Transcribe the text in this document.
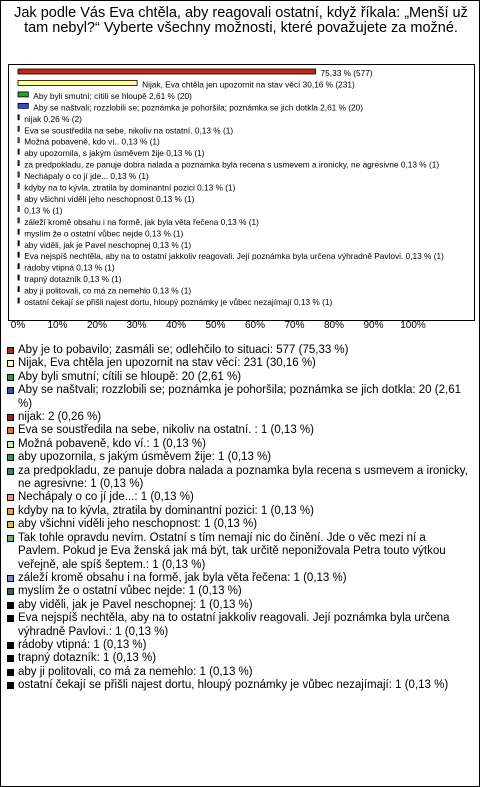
Jak podle Vás Eva chtěla, aby reagovali ostatní, když říkala: „Menší už tam nebyl?“ Vyberte všechny možnosti, které považujete za možné.
75,33 % (577)
Nijak, Eva chtěla jen upozornit na stav věcí 30,16 % (231)
Aby byli smutní; cítili se hloupě 2,61 % (20)
Aby se naštvali; rozzlobili se; poznámka je pohoršila; poznámka se jich dotkla 2,61 % (20)
nijak 0,26 % (2)
Eva se soustředila na sebe, nikoliv na ostatní. 0,13 % (1)
Možná pobaveně, kdo ví.. 0,13 % (1)
aby upozornila, s jakým úsměvem žije 0,13 % (1)
za predpokladu, ze panuje dobra nalada a poznamka byla recena s usmevem a ironicky, ne agresivne 0,13 % (1)
Nechápaly o co jí jde... 0,13 % (1)
kdyby na to kývla, ztratila by dominantní pozici 0,13 % (1)
aby všichni viděli jeho neschopnost 0,13 % (1)
0,13 % (1)
záleží kromě obsahu i na formě, jak byla věta řečena 0,13 % (1)
myslím že o ostatní vůbec nejde 0,13 % (1)
aby viděli, jak je Pavel neschopnej 0,13 % (1)
Eva nejspíš nechtěla, aby na to ostatní jakkoliv reagovali. Její poznámka byla určena výhradně Pavlovi. 0,13 % (1)
rádoby vtipná 0,13 % (1)
trapný dotazník 0,13 % (1)
aby ji politovali, co má za nemehlo 0,13 % (1)
ostatní čekají se přišli najest dortu, hloupý poznámky je vůbec nezajímají 0,13 % (1)
0% 10% 20% 30% 40% 50% 60% 70% 80% 90% 100%
Aby je to pobavilo; zasmáli se; odlehčilo to situaci: 577 (75,33 %)
Nijak, Eva chtěla jen upozornit na stav věcí: 231 (30,16 %)
Aby byli smutní; cítili se hloupě: 20 (2,61 %)
Aby se naštvali; rozzlobili se; poznámka je pohoršila; poznámka se jich dotkla: 20 (2,61 %)
nijak: 2 (0,26 %)
Eva se soustředila na sebe, nikoliv na ostatní. : 1 (0,13 %)
Možná pobaveně, kdo ví.: 1 (0,13 %)
aby upozornila, s jakým úsměvem žije: 1 (0,13 %)
za predpokladu, ze panuje dobra nalada a poznamka byla recena s usmevem a ironicky, ne agresivne: 1 (0,13 %)
Nechápaly o co jí jde...: 1 (0,13 %)
kdyby na to kývla, ztratila by dominantní pozici: 1 (0,13 %)
aby všichni viděli jeho neschopnost: 1 (0,13 %)
Tak tohle opravdu nevím. Ostatní s tím nemají nic do činění. Jde o věc mezi ní a Pavlem. Pokud je Eva ženská jak má být, tak určitě neponižovala Petra touto výtkou veřejně, ale spíš šeptem.: 1 (0,13 %)
záleží kromě obsahu i na formě, jak byla věta řečena: 1 (0,13 %)
myslím že o ostatní vůbec nejde: 1 (0,13 %)
aby viděli, jak je Pavel neschopnej: 1 (0,13 %)
Eva nejspíš nechtěla, aby na to ostatní jakkoliv reagovali. Její poznámka byla určena výhradně Pavlovi.: 1 (0,13 %)
rádoby vtipná: 1 (0,13 %)
trapný dotazník: 1 (0,13 %)
aby ji politovali, co má za nemehlo: 1 (0,13 %)
ostatní čekají se přišli najest dortu, hloupý poznámky je vůbec nezajímají: 1 (0,13 %)
